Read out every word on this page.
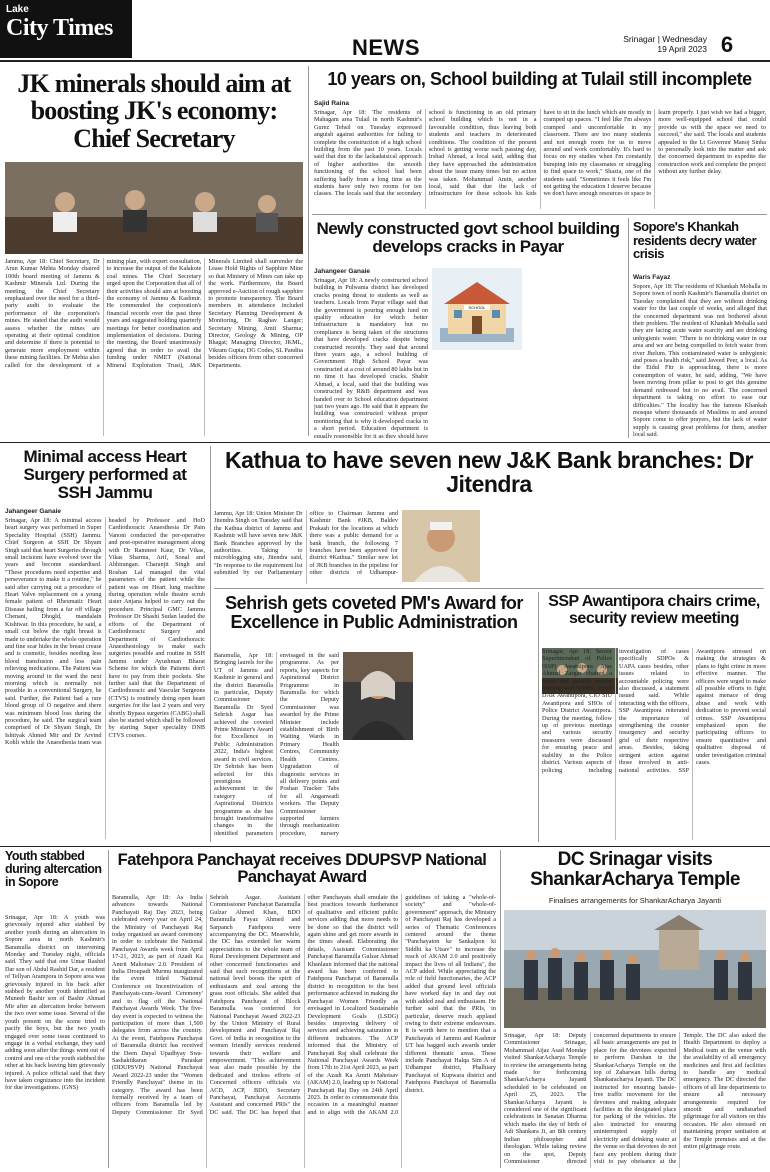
Lake
City Times
NEWS	Srinagar | Wednesday
19 April 2023 6
JK minerals should aim at boosting JK's economy: Chief Secretary
Jammu, Apr 18: Chief Secretary, Dr Arun Kumar Mehta Monday chaired 100th board meeting of Jammu & Kashmir Minerals Ltd. During the meeting, the Chief Secretary emphasised over the need for a third-party audit to evaluate the performance of the corporation's mines. He stated that the audit would assess whether the mines are operating at their optimal condition and determine if there is potential to generate more employment within these mining facilities. Dr Mehta also called for the development of a mining plan, with expert consultation, to increase the output of the Kalakote coal mines. The Chief Secretary urged upon the Corporation that all of their activities should aim at boosting the economy of Jammu & Kashmir. He commended the corporation's financial records over the past three years and suggested holding quarterly meetings for better coordination and implementation of decisions. During the meeting, the Board unanimously agreed that in order to avail the funding under NMET (National Mineral Exploration Trust), J&K Minerals Limited shall surrender the Lease Hold Rights of Sapphire Mine so that Ministry of Mines can take up the work. Furthermore, the Board approved e-Auction of rough sapphire to promote transparency. The Board members in attendance included Secretary Planning Development & Monitoring, Dr Raghav Langer; Secretary Mining, Amit Sharma; Director, Geology & Mining, OP Bhagat; Managing Director, JKML, Vikram Gupta; DG Codes, SL Pandita besides officers from other concerned Departments.
10 years on, School building at Tulail still incomplete
Sajid Raina
Srinagar, Apr 18: The residents of Mahagam area Tulail in north Kashmir's Gurez Tehsil on Tuesday expressed anguish against authorities for failing to complete the construction of a high school building from the past 10 years. Locals said that due to the lackadaisical approach of higher authorities the smooth functioning of the school had been suffering badly from a long time as the students have only two rooms for ten classes. The locals said that the secondary school is functioning in an old primary school building which is not in a favourable condition, thus leaving both students and teachers in deteriorated conditions. The condition of the present school is getting worse each passing day, Irshad Ahmad, a local said, adding that they have approached the administration about the issue many times but no action was taken. Mohammad Amin, another local, said that due the lack of infrastructure for these schools his kids have to sit in the lunch which are mostly in cramped up spaces. "I feel like I'm always cramped and uncomfortable in my classroom. There are too many students and not enough room for us to move around and work comfortably. It's hard to focus on my studies when I'm constantly bumping into my classmates or struggling to find space to work," Shazia, one of the students said. "Sometimes it feels like I'm not getting the education I deserve because we don't have enough resources or space to learn properly. I just wish we had a bigger, more well-equipped school that could provide us with the space we need to succeed," she said. The locals and students appealed to the Lt Governor Manoj Sinha to personally look into the matter and ask the concerned department to expedite the construction work and complete the project without any further delay.
Newly constructed govt school building develops cracks in Payar
SCHOOL
Jahangeer Ganaie
Srinagar, Apr 18: A newly constructed school building in Pulwama district has developed cracks posing threat to students as well as teachers. Locals from Payar village said that the government is pouring enough fund on quality education for which better infrastructure is mandatory but no compliance is being taken of the structures that have developed cracks despite being constructed recently. They said that around three years ago, a school building of Government High School Payar was constructed at a cost of around 80 lakhs but in no time it has developed cracks. Shabir Ahmad, a local, said that the building was constructed by R&B department and was handed over to School education department just two years ago. He said that it appears the building was constructed without proper monitoring that is why it developed cracks in a short period. Education department is equally responsible for it as they should have
Sopore's Khankah residents decry water crisis
Waris Fayaz
Sopore, Apr 18: The residents of Khankah Mohalla in Sopore town of north Kashmir's Baramulla district on Tuesday complained that they are without drinking water for the last couple of weeks, and alleged that the concerned department was not bothered about their problem. The resident of Khankah Mohalla said they are facing acute water scarcity and are drinking unhygienic water. "There is no drinking water in our area and we are being compelled to fetch water from river Jhelum. This contaminated water is unhygienic and poses a health risk," said Javeed Peer, a local. As the Eidul Fitr is approaching, there is more consumption of water, he said, adding, "We have been moving from pillar to post to get this genuine demand redressed but to no avail. The concerned department is taking no effort to ease our difficulties." The locality has the famous Khankah mosque where thousands of Muslims in and around Sopore come to offer prayers, but the lack of water supply is causing great problems for them, another local said.
Minimal access Heart Surgery performed at SSH Jammu
Jahangeer Ganaie
Srinagar, Apr 18: A minimal access heart surgery was performed in Super Speciality Hospital (SSH) Jammu. Chief Surgeon at SSH Dr Shyam Singh said that heart Surgeries through small incisions have evolved over the years and become standardised. "These procedures need expertise and perseverance to make it a routine," he said after carrying out a procedure of Heart Valve replacement on a young female patient of Rheumatic Heart Disease hailing from a far off village Chenani, Dhogld, mandalain Kishtwar. In this procedure, he said, a small cut below the right breast is made to undertake the whole operation and fine scar hides in the breast crease and is cosmetic, besides needing less blood transfusion and less pain relieving medications. The Patient was moving around in the ward the next morning which is normally not possible in a conventional Surgery, he said. Further, the Patient had a rare blood group of O negative and there was minimum blood loss during the procedure, he said. The surgical team comprised of Dr Shyam Singh, Dr Ishtiyak Ahmed Mir and Dr Arvind Kohli while the Anaesthesia team was headed by Professor and HoD Cardiothoracic Anaesthesia Dr Pain Vanoni conducted the per-operative and post-operative management along with Dr Ramneet Kaur, Dr Vikas, Vikas Sharma, Arif, Sonal and Abhirangan. Charanjit Singh and Roshan Lal managed the vital parameters of the patient while the patient was on Heart lung machine during operation while theatre scrub sister Anjana helped to carry out the procedure. Principal GMC Jammu Professor Dr Shashi Sudan lauded the efforts of the Department of Cardiothoracic Surgery and Department of Cardiothoracic Anaesthesiology to make such surgeries possible and routine in SSH Jammu under Ayushman Bharat Scheme for which the Patients don't have to pay from their pockets. She further said that the Department of Cardiothoracic and Vascular Surgeons (CTVS) is routinely doing open heart surgeries for the last 2 years and very shortly Bypass surgeries (CABG) shall also be started which shall be followed by starting Super speciality DNB CTVS courses.
Kathua to have seven new J&K Bank branches: Dr Jitendra
Jammu, Apr 18: Union Minister Dr Jitendra Singh on Tuesday said that the Kathua district of Jammu and Kashmir will have seven new J&K Bank Branches approved by the authorities. Taking to microblogging site, Jitendra said, "In response to the requirement list submitted by our Parliamentary office to Chairman Jammu and Kashmir Bank #JKB, Baldev Prakash for the locations at which there was a public demand for a bank branch, the following 7 branches have been approved for district #Kathua." Similar new lot of JKB branches in the pipeline for other districts of Udhampur-
Sehrish gets coveted PM's Award for Excellence in Public Administration
Baramulla, Apr 18: Bringing laurels for the UT of Jammu and Kashmir in general and the district Baramulla in particular, Deputy Commissioner Baramulla Dr Syed Sehrish Asgar has achieved the coveted Prime Minister's Award for Excellence in Public Administration 2022, India's highest award in civil services. Dr Sehrish has been selected for this prestigious achievement in the category of Aspirational Districts programme as she has brought transformative changes in the identified parameters envisaged in the said programme. As per reports, key aspects for Aspirational District Programme in Baramulla for which the Deputy Commissioner was awarded by the Prime Minister include establishment of Birth Waiting Wards in Primary Health Centres, Community Health Centres. Upgradation of diagnostic services in all delivery points and Poshan Tracker Tabs for all Anganwadi workers. The Deputy Commissioner supported farmers through mechanization procedure, nursery
SSP Awantipora chairs crime, security review meeting
Srinagar, Apr 18: Senior Superintendent of Police (SSP) Awantipora Ajaz Ahmed Zargar chaired a crime and security review meeting with SDPOs, DySP DAR Awantipora, CIO SIU Awantipora and SHOs of Police District Awantipora. During the meeting, follow up of previous meetings and various security measures were discussed for ensuring peace and stability in the Police district. Various aspects of policing including investigation of cases specifically SDPOs & UAPA cases besides, other issues related to accountable policing were also discussed, a statement issued said. While interacting with the officers, SSP Awantipora reiterated the importance of strengthening the counter insurgency and security grid of their respective areas. Besides, taking stringent action against those involved in anti-national activities. SSP Awantipora stressed on making the strategies & plans to fight crime in more effective manner. The officers were urged to make all possible efforts to fight against menace of drug abuse and work with dedication to prevent social crimes. SSP Awantipora emphasized upon the participating officers to ensure quantitative and qualitative disposal of under investigation criminal cases.
Youth stabbed during altercation in Sopore
Srinagar, Apr 18: A youth was grievously injured after stabbed by another youth during an altercation in Sopore area in north Kashmir's Baramulla district on intervening Monday and Tuesday night, officials said. They said that one Umar Rashid Dar son of Abdul Rashid Dar, a resident of Tellyan Arampora in Sopore area was grievously injured in his back after stabbed by another youth identified as Muneeb Bashir son of Bashir Ahmad Mir after an altercation broke between the two over some issue. Several of the youth present on the scene tried to pacify the boys, but the two youth engaged over some issue continued to engage in a verbal exchange, they said adding soon after the things went out of control and one of the youth stabbed the other at his back leaving him grievously injured. A police official said that they have taken cognizance into the incident for due investigations. (GNS)
Fatehpora Panchayat receives DDUPSVP National Panchayat Award
Baramulla, Apr 18: As India advances towards National Panchayati Raj Day 2023, being celebrated every year on April 24, the Ministry of Panchayati Raj today organised an award ceremony in order to celebrate the National Panchayat Awards week from April 17-21, 2023, as part of Azadi Ka Amrit Mahotsav 2.0. President of India Droupadi Murmu inaugurated the event titled 'National Conference on Incentivization of Panchayats-cum-Award Ceremony' and to flag off the National Panchayat Awards Week. The five-day event is expected to witness the participation of more than 1,500 delegates from across the country. At the event, Fatehpora Panchayat of Baramulla district has received the Deen Dayal Upadhyay Swa-Sashaktikaran Puraskar (DDUPSVP) National Panchayat Award 2022-23 under the "Women Friendly Panchayat" theme in its category. The award has been formally received by a team of officers from Baramulla led by Deputy Commissioner Dr Syed Sehrish Asgar. Assistant Commissioner Panchayat Baramulla Gulzar Ahmed Khan, BDO Baramulla Fayaz Ahmed and Sarpanch Fatehpora were accompanying the DC. Meanwhile, the DC has extended her warm appreciations to the whole team of Rural Development Department and other concerned functionaries and said that such recognitions at the national level boosts the spirit of enthusiasm and zeal among the grass root officials. She added that Fatehpora Panchayat of Block Baramulla was conferred for National Panchayat Award 2022-23 by the Union Ministry of Rural development and Panchayat Raj Govt. of India in recognition to the women friendly services rendered towards their welfare and empowerment. "This achievement was also made possible by the dedicated and tireless efforts of Concerned officers officials viz ACD, ACP, BDO, Secretary Panchayat, Panchayat Accounts Assistant and concerned PRIs" the DC said. The DC has hoped that other Panchayats shall emulate the best practices towards furtherance of qualitative and efficient public services adding that more needs to be done so that the district will again shine and get more awards in the times ahead. Elaborating the details, Assistant Commissioner Panchayat Baramulla Gulzar Ahmad Khanlaun informed that the national award has been conferred to Fatehpora Panchayat of Baramulla district in recognition to the best performance achieved in making the Panchayat Women Friendly as envisaged in Localized Sustainable Development Goals (LSDG) besides improving delivery of services and achieving saturation in different indicators. The ACP informed that the Ministry of Panchayati Raj shall celebrate the National Panchayat Awards Week from 17th to 21st April 2023, as part of the Azadi Ka Amrit Mahotsav (AKAM) 2.0, leading up to National Panchayati Raj Day on 24th April 2023. In order to commemorate this occasion in a meaningful manner and to align with the AKAM 2.0 guidelines of taking a "whole-of-society" and "whole-of-government" approach, the Ministry of Panchayati Raj has developed a series of Thematic Conferences centered around the theme "Panchayaton ke Sankalpon ki Siddhi ka Utsav" to increase the reach of AKAM 2.0 and positively impact the lives of all Indians", the ACP added. While appreciating the role of field functionaries, the ACP added that ground level officials have worked day in and day out with added zeal and enthusiasm. He further said that the PRIs, in particular, deserve much applaud owing to their extreme endeavours. It is worth here to mention that a Panchayats of Jammu and Kashmir UT has bagged such awards under different thematic areas. These include Panchayat Halqa Sim A of Udhampur district, Phalhiary Panchayat of Kupwara district and Fatehpora Panchayat of Baramulla district.
DC Srinagar visits ShankarAcharya Temple
Finalises arrangements for ShankarAcharya Jayanti
Srinagar, Apr 18: Deputy Commissioner Srinagar, Mohammad Aijaz Asad Monday visited ShankarAcharya Temple to review the arrangements being made for forthcoming ShankarAcharya Jayanti scheduled to be celebrated on April 25, 2023. The ShankarAcharya Jayanti is considered one of the significant celebrations in Sanatan Dharma which marks the day of birth of Adi Shankara Ji, an 8th century Indian philosopher and theologian. While taking review on the spot, Deputy Commissioner directed concerned departments to ensure all basic arrangements are put in place for the devotees expected to perform Darshan in the ShankarAcharya Temple on the top of Zabarwan hills during Shankaracharya Jayanti. The DC instructed for ensuring hassle-free traffic movement for the devotees and making adequate facilities in the designated place for parking of the vehicles. He also instructed for ensuring uninterrupted supply of electricity and drinking water at the venue so that devotees do not face any problem during their visit to pay obeisance at the Temple. The DC also asked the Health Department to deploy a Medical team at the venue with the availability of all emergency medicines and first aid facilities to handle any medical emergency. The DC directed the officers of all line departments to ensure all necessary arrangements required for smooth and undisturbed pilgrimage for all visitors on this occasion. He also stressed on maintaining proper sanitation at the Temple premises and at the entire pilgrimage route.
